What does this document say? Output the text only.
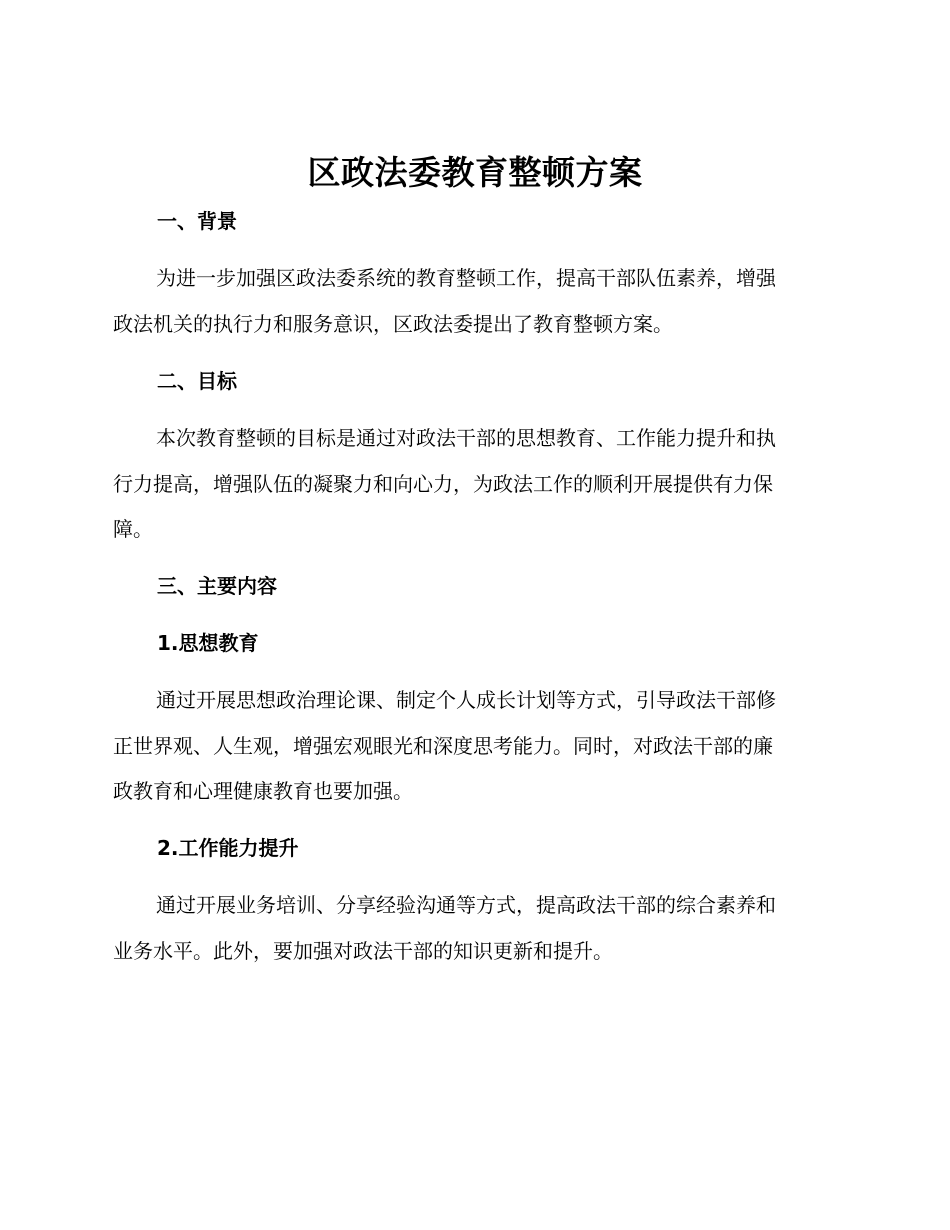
区政法委教育整顿方案
一、背景

为进一步加强区政法委系统的教育整顿工作，提高干部队伍素养，增强
政法机关的执行力和服务意识，区政法委提出了教育整顿方案。

二、目标

本次教育整顿的目标是通过对政法干部的思想教育、工作能力提升和执
行力提高，增强队伍的凝聚力和向心力，为政法工作的顺利开展提供有力保
障。

三、主要内容
1.思想教育

通过开展思想政治理论课、制定个人成长计划等方式，引导政法干部修
正世界观、人生观，增强宏观眼光和深度思考能力。同时，对政法干部的廉
政教育和心理健康教育也要加强。

2.工作能力提升

通过开展业务培训、分享经验沟通等方式，提高政法干部的综合素养和
业务水平。此外，要加强对政法干部的知识更新和提升。
